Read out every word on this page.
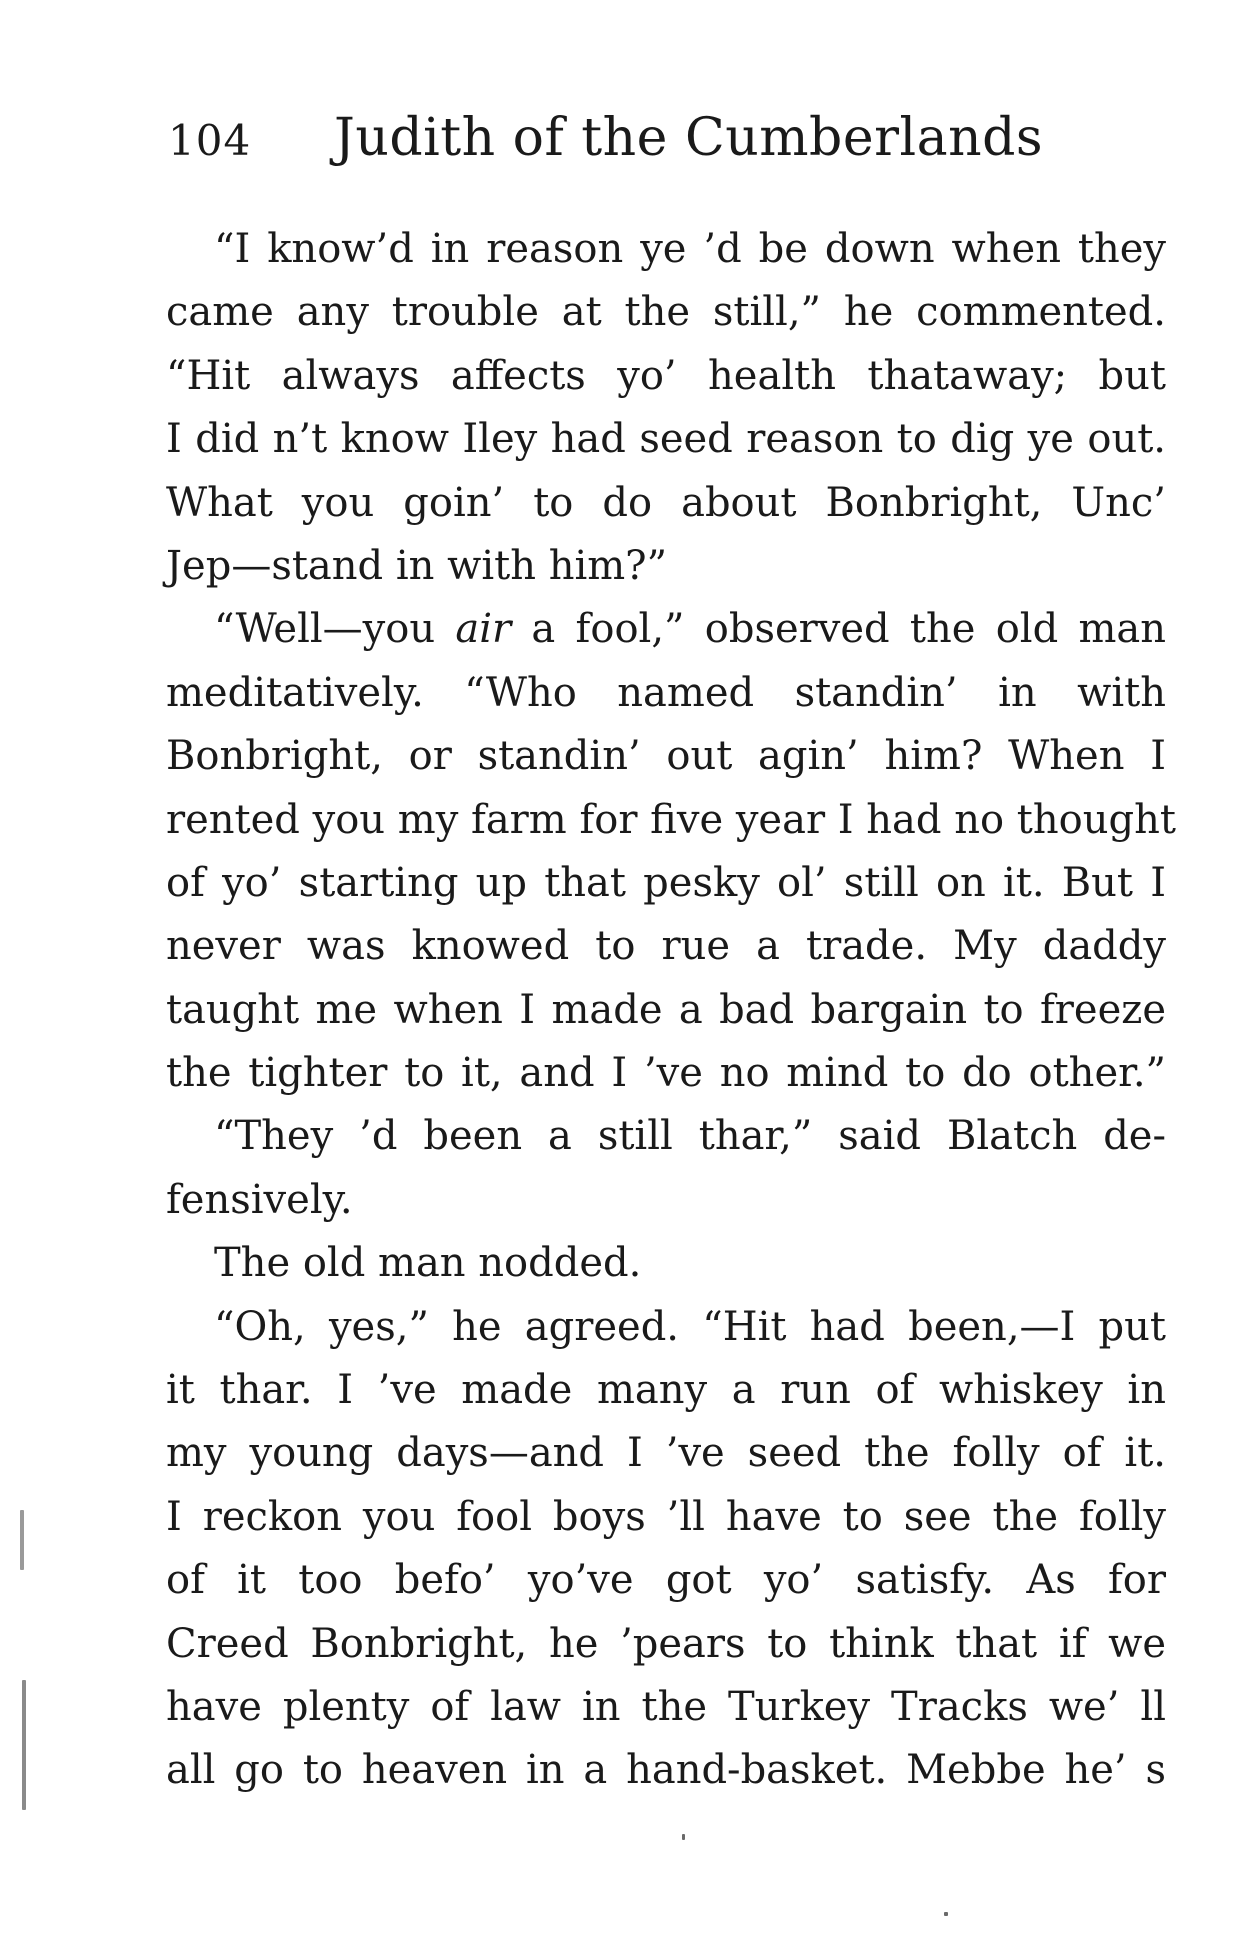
104 Judith of the Cumberlands
“I know’d in reason ye ’d be down when they
came any trouble at the still,” he commented.
“Hit always affects yo’ health thataway; but
I did n’t know Iley had seed reason to dig ye out.
What you goin’ to do about Bonbright, Unc’
Jep—stand in with him?”
“Well—you air a fool,” observed the old man
meditatively. “Who named standin’ in with
Bonbright, or standin’ out agin’ him? When I
rented you my farm for five year I had no thought
of yo’ starting up that pesky ol’ still on it. But I
never was knowed to rue a trade. My daddy
taught me when I made a bad bargain to freeze
the tighter to it, and I ’ve no mind to do other.”
“They ’d been a still thar,” said Blatch de-
fensively.
The old man nodded.
“Oh, yes,” he agreed. “Hit had been,—I put
it thar. I ’ve made many a run of whiskey in
my young days—and I ’ve seed the folly of it.
I reckon you fool boys ’ll have to see the folly
of it too befo’ yo’ve got yo’ satisfy. As for
Creed Bonbright, he ’pears to think that if we
have plenty of law in the Turkey Tracks we’ ll
all go to heaven in a hand-basket. Mebbe he’ s
